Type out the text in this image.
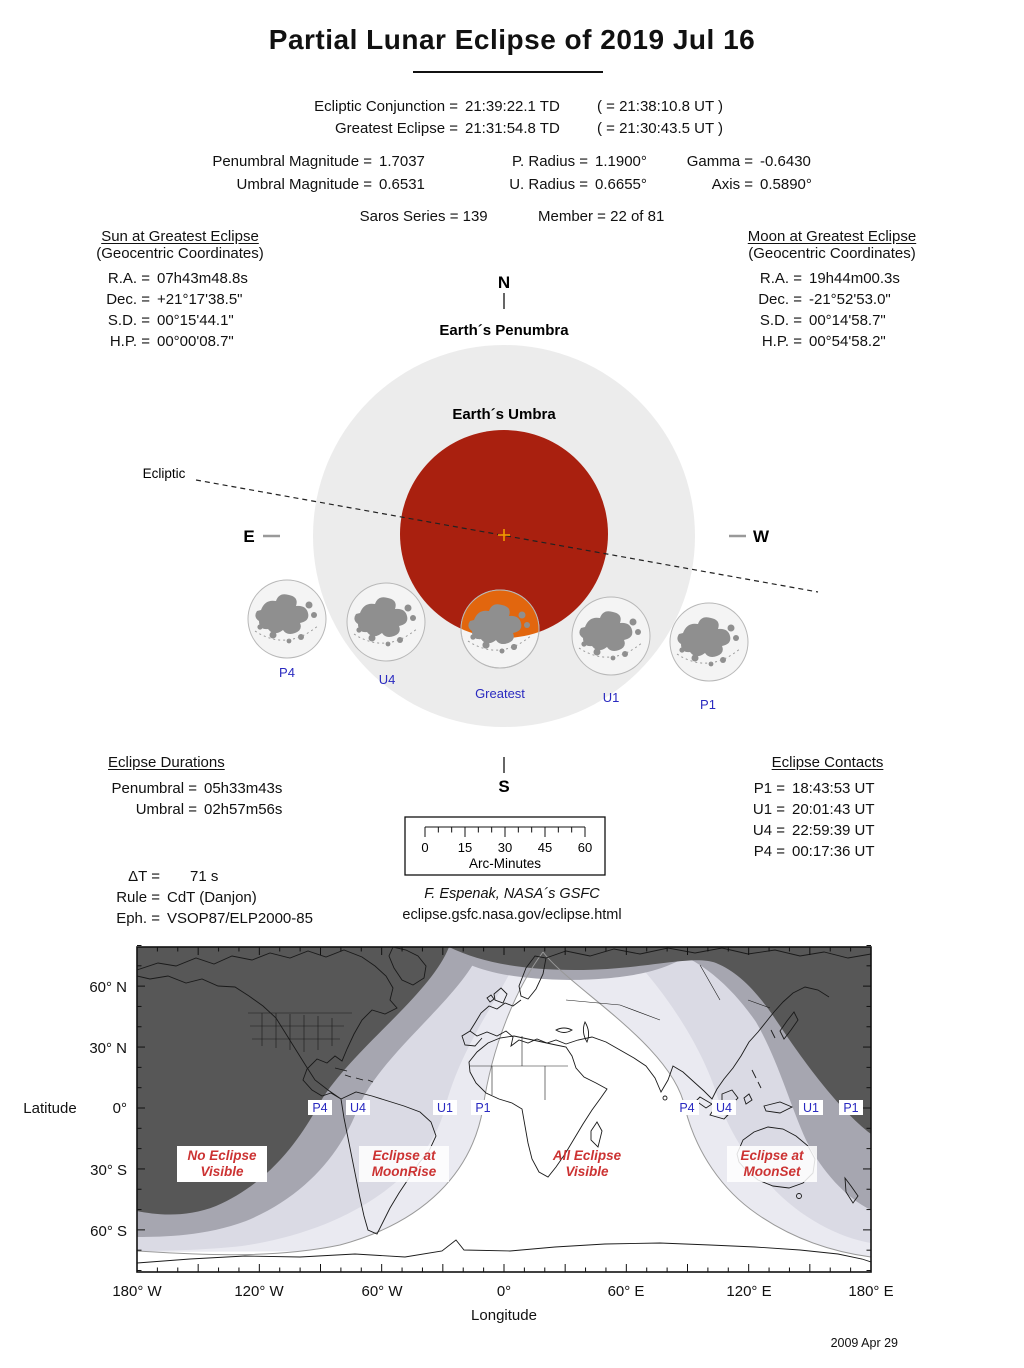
Partial Lunar Eclipse of 2019 Jul 16
Ecliptic Conjunction = 21:39:22.1 TD	( = 21:38:10.8 UT )
Greatest Eclipse = 21:31:54.8 TD	( = 21:30:43.5 UT )
Penumbral Magnitude = 1.7037	P. Radius = 1.1900°	Gamma = -0.6430
Umbral Magnitude = 0.6531	U. Radius = 0.6655°	Axis = 0.5890°
Saros Series = 139	Member = 22 of 81
Sun at Greatest Eclipse
(Geocentric Coordinates)
R.A. = 07h43m48.8s
Dec. = +21°17'38.5"
S.D. = 00°15'44.1"
H.P. = 00°00'08.7"
Moon at Greatest Eclipse
(Geocentric Coordinates)
R.A. = 19h44m00.3s
Dec. = -21°52'53.0"
S.D. = 00°14'58.7"
H.P. = 00°54'58.2"
N
S
E	W
Earth´s Penumbra
Earth´s Umbra
Ecliptic
P4	U4
Greatest	U1	P1
Eclipse Durations
Penumbral = 05h33m43s
Umbral = 02h57m56s
ΔT =	71 s
Rule = CdT (Danjon)
Eph. = VSOP87/ELP2000-85
Eclipse Contacts
P1 = 18:43:53 UT
U1 = 20:01:43 UT
U4 = 22:59:39 UT
P4 = 00:17:36 UT
0 15 30 45 60
Arc-Minutes
F. Espenak, NASA´s GSFC
eclipse.gsfc.nasa.gov/eclipse.html
P4 U4	U1 P1	P4 U4	U1 P1
No Eclipse
Visible
Eclipse at
MoonRise
All Eclipse
Visible
Eclipse at
MoonSet
180° W	120° W	60° W	0°	60° E	120° E	180° E
60° N
30° N
0°
30° S
60° S
Latitude
Longitude
2009 Apr 29
